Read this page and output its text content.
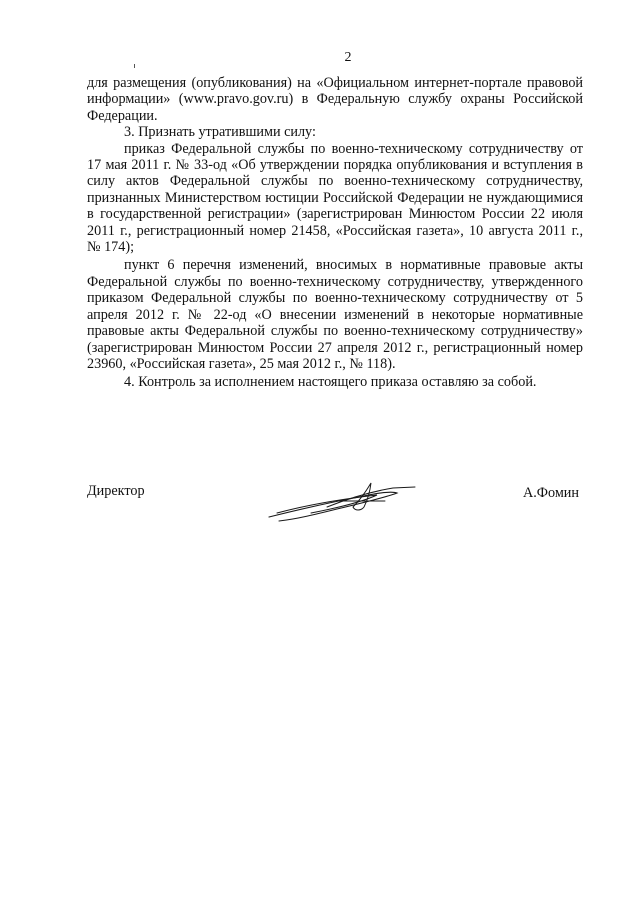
2

для размещения (опубликования) на «Официальном интернет-портале правовой информации» (www.pravo.gov.ru) в Федеральную службу охраны Российской Федерации.

3. Признать утратившими силу:

приказ Федеральной службы по военно-техническому сотрудничеству от 17 мая 2011 г. № 33-од «Об утверждении порядка опубликования и вступления в силу актов Федеральной службы по военно-техническому сотрудничеству, признанных Министерством юстиции Российской Федерации не нуждающимися в государственной регистрации» (зарегистрирован Минюстом России 22 июля 2011 г., регистрационный номер 21458, «Российская газета», 10 августа 2011 г., № 174);

пункт 6 перечня изменений, вносимых в нормативные правовые акты Федеральной службы по военно-техническому сотрудничеству, утвержденного приказом Федеральной службы по военно-техническому сотрудничеству от 5 апреля 2012 г. № 22-од «О внесении изменений в некоторые нормативные правовые акты Федеральной службы по военно-техническому сотрудничеству» (зарегистрирован Минюстом России 27 апреля 2012 г., регистрационный номер 23960, «Российская газета», 25 мая 2012 г., № 118).

4. Контроль за исполнением настоящего приказа оставляю за собой.

Директор	А.Фомин
